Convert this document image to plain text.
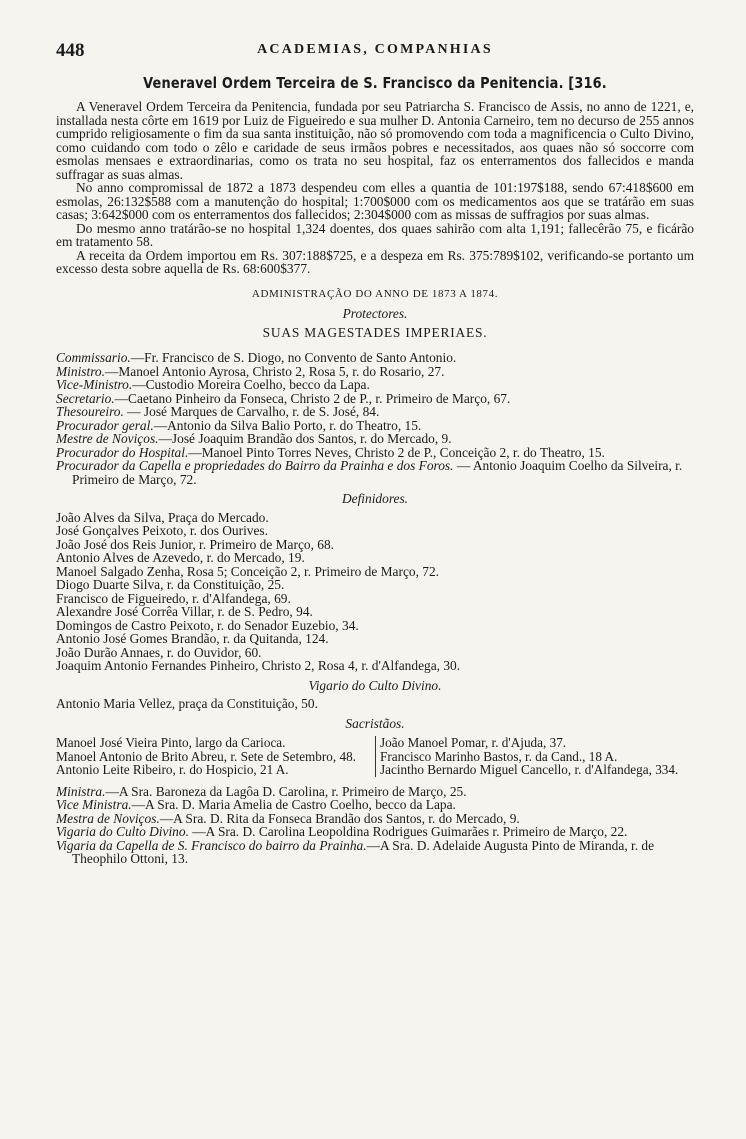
448	ACADEMIAS, COMPANHIAS
Veneravel Ordem Terceira de S. Francisco da Penitencia. [316.

A Veneravel Ordem Terceira da Penitencia, fundada por seu Patriarcha S. Francisco de Assis, no anno de 1221, e, installada nesta côrte em 1619 por Luiz de Figueiredo e sua mulher D. Antonia Carneiro, tem no decurso de 255 annos cumprido religiosamente o fim da sua santa instituição, não só promovendo com toda a magnificencia o Culto Divino, como cuidando com todo o zêlo e caridade de seus irmãos pobres e necessitados, aos quaes não só soccorre com esmolas mensaes e extraordinarias, como os trata no seu hospital, faz os enterramentos dos fallecidos e manda suffragar as suas almas.

No anno compromissal de 1872 a 1873 despendeu com elles a quantia de 101:197$188, sendo 67:418$600 em esmolas, 26:132$588 com a manutenção do hospital; 1:700$000 com os medicamentos aos que se tratárão em suas casas; 3:642$000 com os enterramentos dos fallecidos; 2:304$000 com as missas de suffragios por suas almas.

Do mesmo anno tratárão-se no hospital 1,324 doentes, dos quaes sahirão com alta 1,191; fallecêrão 75, e ficárão em tratamento 58.

A receita da Ordem importou em Rs. 307:188$725, e a despeza em Rs. 375:789$102, verificando-se portanto um excesso desta sobre aquella de Rs. 68:600$377.

ADMINISTRAÇÃO DO ANNO DE 1873 A 1874.

Protectores.

SUAS MAGESTADES IMPERIAES.

Commissario.—Fr. Francisco de S. Diogo, no Convento de Santo Antonio.

Ministro.—Manoel Antonio Ayrosa, Christo 2, Rosa 5, r. do Rosario, 27.

Vice-Ministro.—Custodio Moreira Coelho, becco da Lapa.

Secretario.—Caetano Pinheiro da Fonseca, Christo 2 de P., r. Primeiro de Março, 67.

Thesoureiro. — José Marques de Carvalho, r. de S. José, 84.

Procurador geral.—Antonio da Silva Balio Porto, r. do Theatro, 15.

Mestre de Noviços.—José Joaquim Brandão dos Santos, r. do Mercado, 9.

Procurador do Hospital.—Manoel Pinto Torres Neves, Christo 2 de P., Conceição 2, r. do Theatro, 15.

Procurador da Capella e propriedades do Bairro da Prainha e dos Foros. — Antonio Joaquim Coelho da Silveira, r. Primeiro de Março, 72.

Definidores.

João Alves da Silva, Praça do Mercado.

José Gonçalves Peixoto, r. dos Ourives.

João José dos Reis Junior, r. Primeiro de Março, 68.

Antonio Alves de Azevedo, r. do Mercado, 19.

Manoel Salgado Zenha, Rosa 5; Conceição 2, r. Primeiro de Março, 72.

Diogo Duarte Silva, r. da Constituição, 25.

Francisco de Figueiredo, r. d'Alfandega, 69.

Alexandre José Corrêa Villar, r. de S. Pedro, 94.

Domingos de Castro Peixoto, r. do Senador Euzebio, 34.

Antonio José Gomes Brandão, r. da Quitanda, 124.

João Durão Annaes, r. do Ouvidor, 60.

Joaquim Antonio Fernandes Pinheiro, Christo 2, Rosa 4, r. d'Alfandega, 30.

Vigario do Culto Divino.

Antonio Maria Vellez, praça da Constituição, 50.

Sacristãos.

Manoel José Vieira Pinto, largo da Carioca.

Manoel Antonio de Brito Abreu, r. Sete de Setembro, 48.

Antonio Leite Ribeiro, r. do Hospicio, 21 A.

João Manoel Pomar, r. d'Ajuda, 37.

Francisco Marinho Bastos, r. da Cand., 18 A.

Jacintho Bernardo Miguel Cancello, r. d'Alfandega, 334.

Ministra.—A Sra. Baroneza da Lagôa D. Carolina, r. Primeiro de Março, 25.

Vice Ministra.—A Sra. D. Maria Amelia de Castro Coelho, becco da Lapa.

Mestra de Noviços.—A Sra. D. Rita da Fonseca Brandão dos Santos, r. do Mercado, 9.

Vigaria do Culto Divino. —A Sra. D. Carolina Leopoldina Rodrigues Guimarães r. Primeiro de Março, 22.

Vigaria da Capella de S. Francisco do bairro da Prainha.—A Sra. D. Adelaide Augusta Pinto de Miranda, r. de Theophilo Ottoni, 13.
